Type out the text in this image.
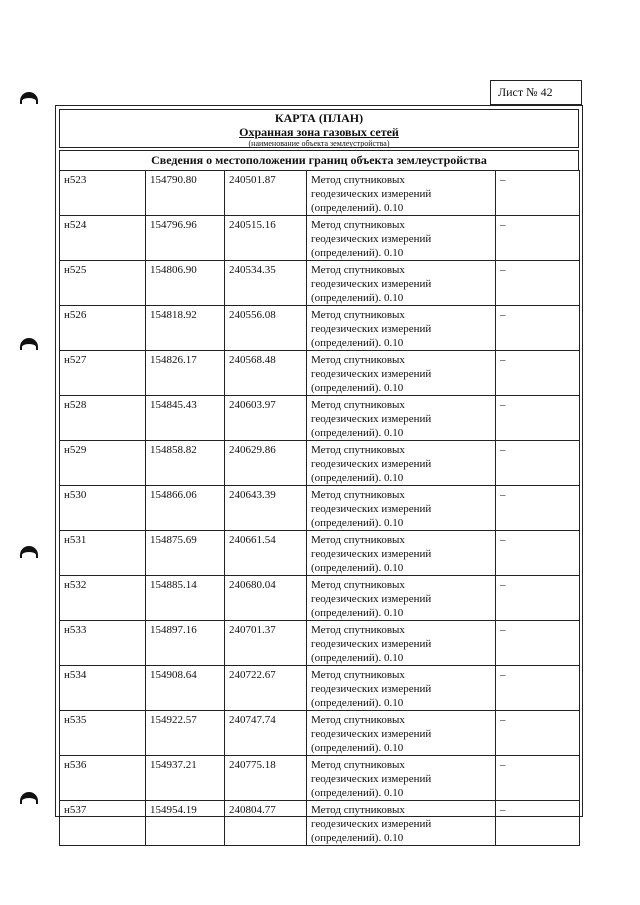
Лист № 42
КАРТА (ПЛАН)
Охранная зона газовых сетей
(наименование объекта землеустройства)
Сведения о местоположении границ объекта землеустройства
н523	154790.80	240501.87	Метод спутниковых
геодезических измерений
(определений). 0.10	–
н524	154796.96	240515.16	Метод спутниковых
геодезических измерений
(определений). 0.10	–
н525	154806.90	240534.35	Метод спутниковых
геодезических измерений
(определений). 0.10	–
н526	154818.92	240556.08	Метод спутниковых
геодезических измерений
(определений). 0.10	–
н527	154826.17	240568.48	Метод спутниковых
геодезических измерений
(определений). 0.10	–
н528	154845.43	240603.97	Метод спутниковых
геодезических измерений
(определений). 0.10	–
н529	154858.82	240629.86	Метод спутниковых
геодезических измерений
(определений). 0.10	–
н530	154866.06	240643.39	Метод спутниковых
геодезических измерений
(определений). 0.10	–
н531	154875.69	240661.54	Метод спутниковых
геодезических измерений
(определений). 0.10	–
н532	154885.14	240680.04	Метод спутниковых
геодезических измерений
(определений). 0.10	–
н533	154897.16	240701.37	Метод спутниковых
геодезических измерений
(определений). 0.10	–
н534	154908.64	240722.67	Метод спутниковых
геодезических измерений
(определений). 0.10	–
н535	154922.57	240747.74	Метод спутниковых
геодезических измерений
(определений). 0.10	–
н536	154937.21	240775.18	Метод спутниковых
геодезических измерений
(определений). 0.10	–
н537	154954.19	240804.77	Метод спутниковых
геодезических измерений
(определений). 0.10	–
